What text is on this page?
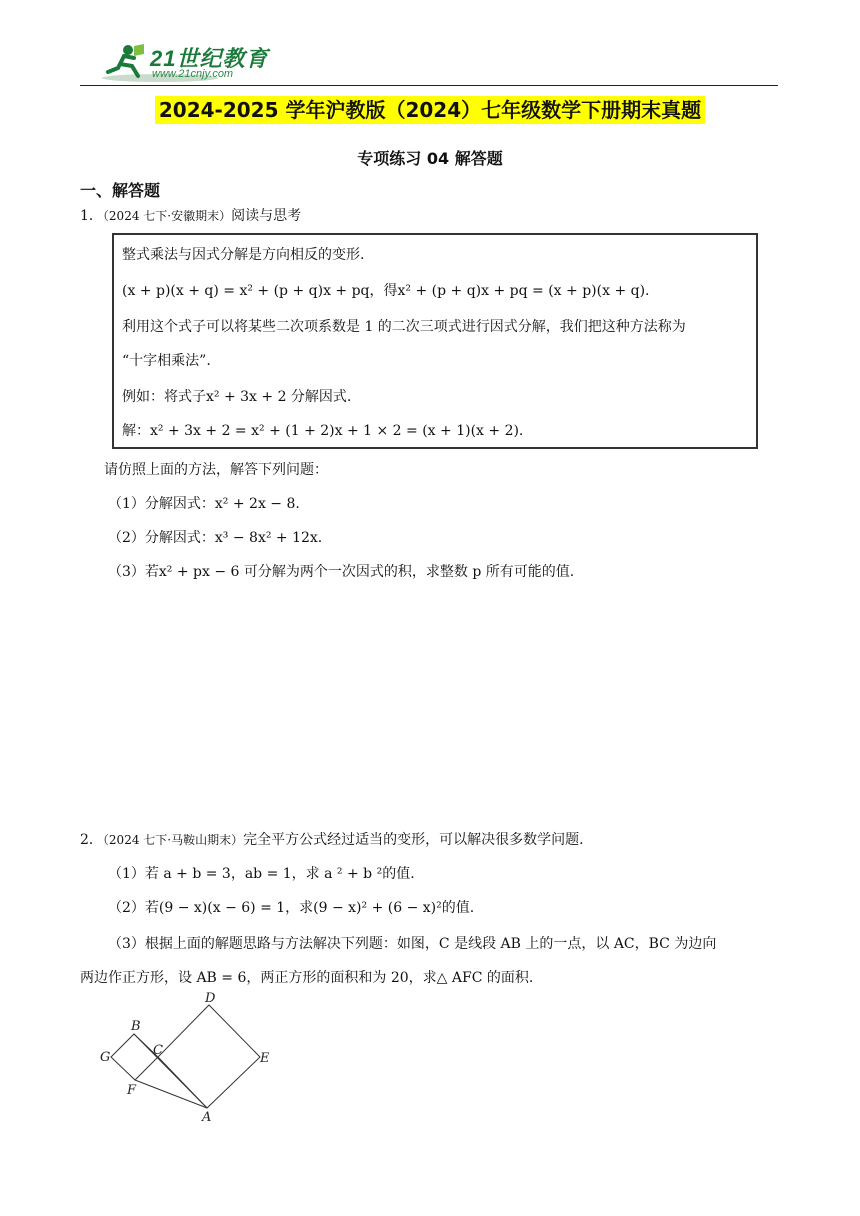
21世纪教育
www.21cnjy.com
2024-2025 学年沪教版（2024）七年级数学下册期末真题
专项练习 04 解答题
一、解答题
1．（2024 七下·安徽期末）阅读与思考
整式乘法与因式分解是方向相反的变形.
(x + p)(x + q) = x² + (p + q)x + pq，得x² + (p + q)x + pq = (x + p)(x + q).
利用这个式子可以将某些二次项系数是 1 的二次三项式进行因式分解，我们把这种方法称为
“十字相乘法”.
例如：将式子x² + 3x + 2 分解因式.
解：x² + 3x + 2 = x² + (1 + 2)x + 1 × 2 = (x + 1)(x + 2).
请仿照上面的方法，解答下列问题：
（1）分解因式：x² + 2x − 8.
（2）分解因式：x³ − 8x² + 12x.
（3）若x² + px − 6 可分解为两个一次因式的积，求整数 p 所有可能的值.
2．（2024 七下·马鞍山期末）完全平方公式经过适当的变形，可以解决很多数学问题.
（1）若 a + b = 3，ab = 1，求 a ² + b ²的值.
（2）若(9 − x)(x − 6) = 1，求(9 − x)² + (6 − x)²的值.
（3）根据上面的解题思路与方法解决下列题：如图，C 是线段 AB 上的一点，以 AC，BC 为边向
两边作正方形，设 AB = 6，两正方形的面积和为 20，求△ AFC 的面积.
D
B
G	C
E
F
A
